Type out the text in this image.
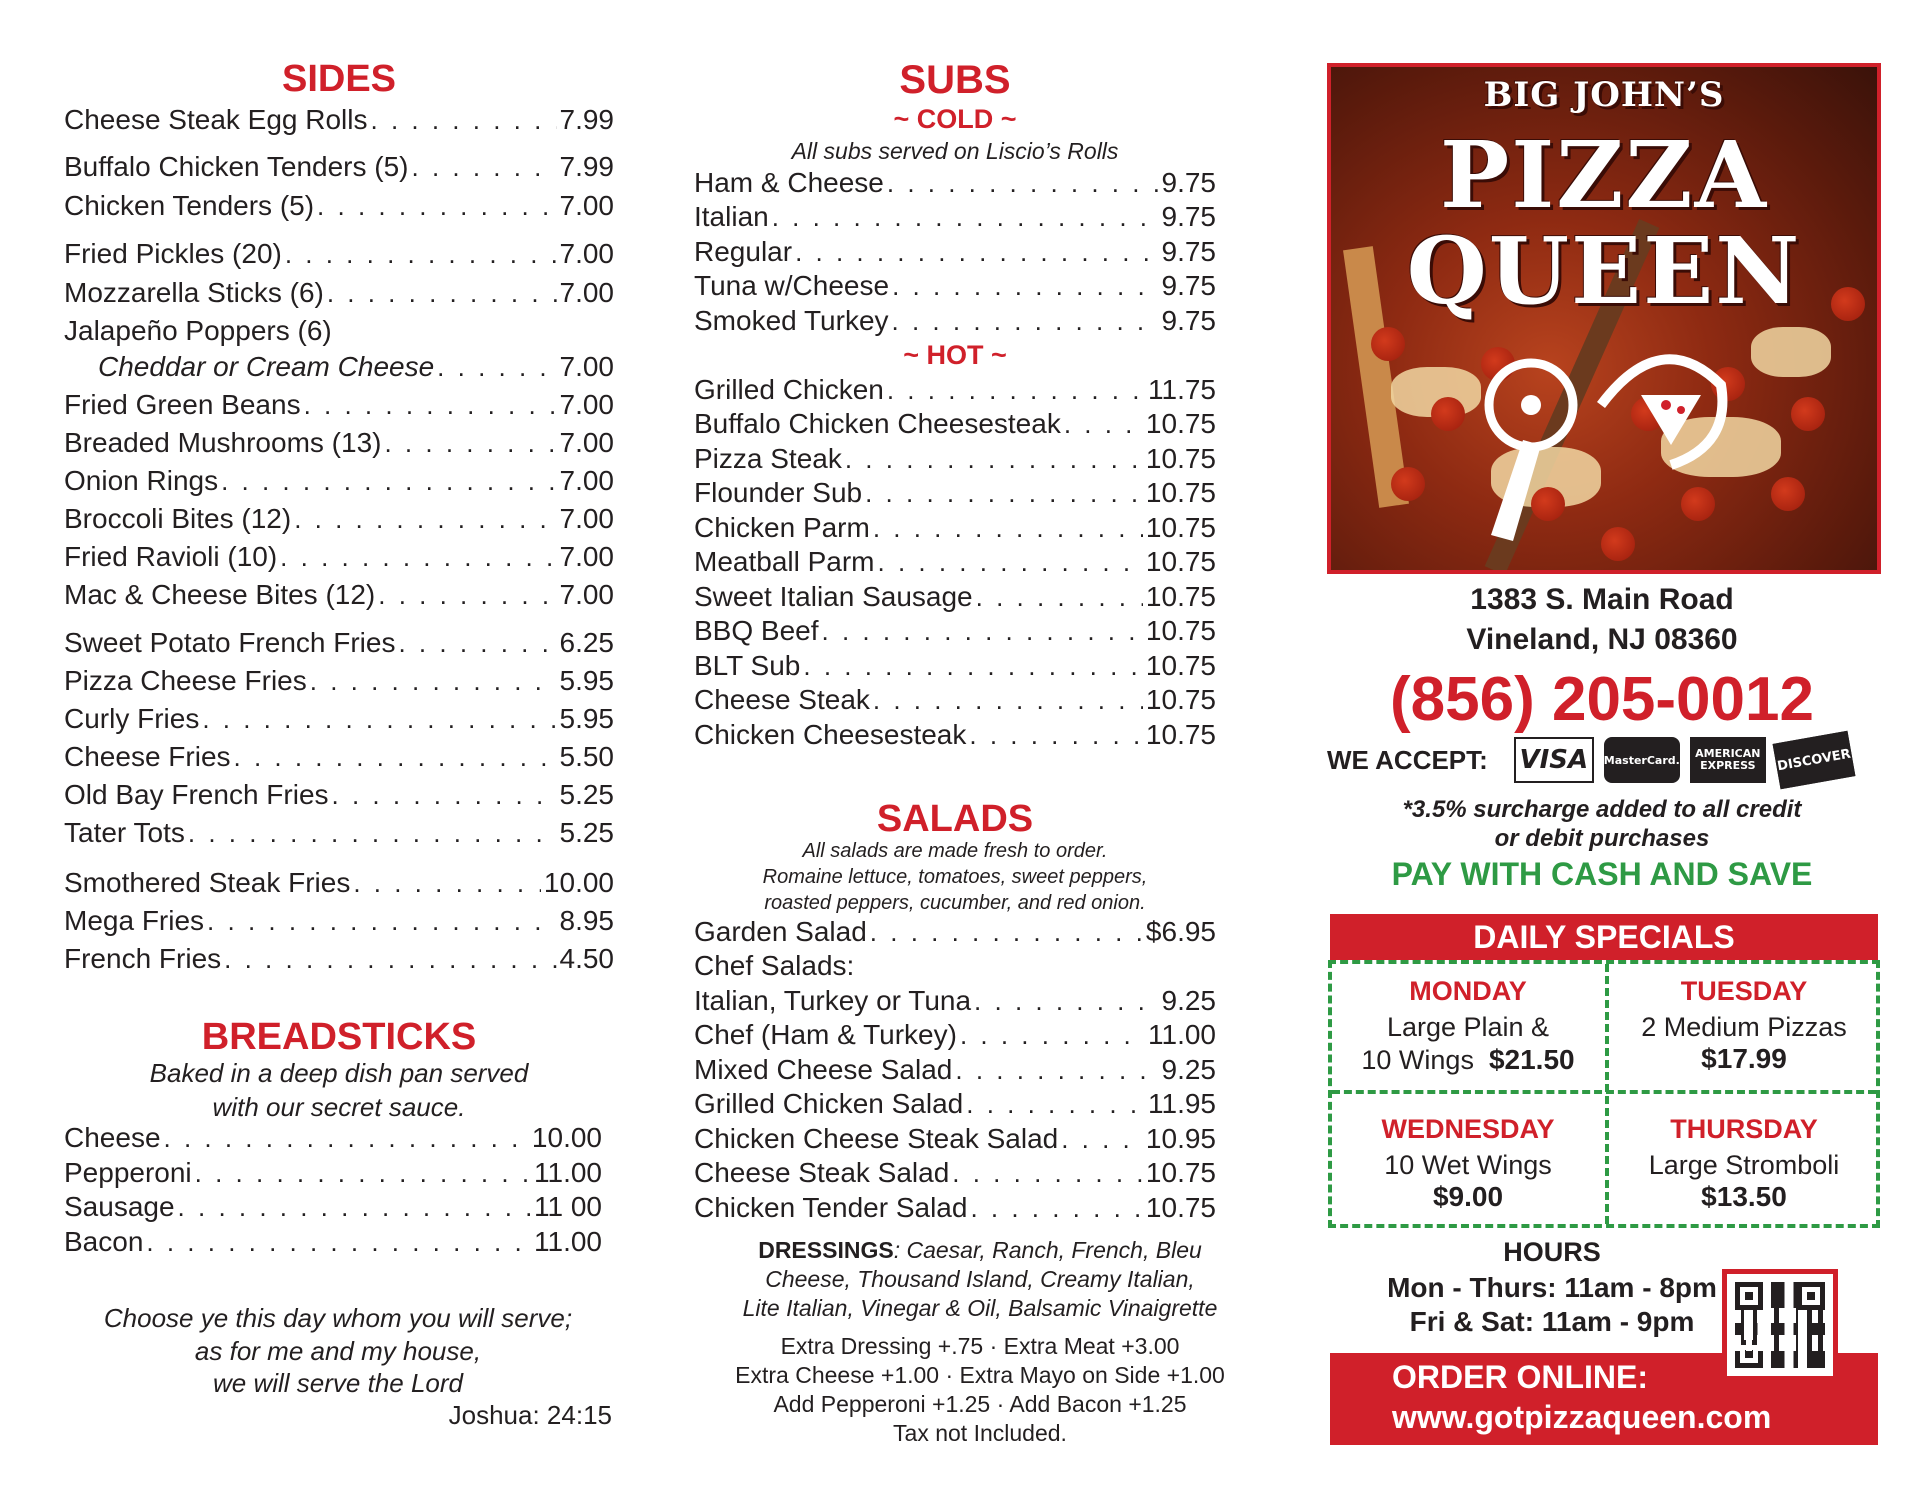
SIDES
Cheese Steak Egg Rolls . . .	7.99
Buffalo Chicken Tenders (5) . . .	7.99
Chicken Tenders (5) . . .	7.00
Fried Pickles (20) . . .	7.00
Mozzarella Sticks (6) . . .	7.00
Jalapeño Poppers (6)
Cheddar or Cream Cheese . . .	7.00
Fried Green Beans . . .	7.00
Breaded Mushrooms (13) . . .	7.00
Onion Rings . . .	7.00
Broccoli Bites (12) . . .	7.00
Fried Ravioli (10) . . .	7.00
Mac & Cheese Bites (12) . . .	7.00
Sweet Potato French Fries . . .	6.25
Pizza Cheese Fries . . .	5.95
Curly Fries . . .	5.95
Cheese Fries . . .	5.50
Old Bay French Fries . . .	5.25
Tater Tots . . .	5.25
Smothered Steak Fries . . .	10.00
Mega Fries . . .	8.95
French Fries . . .	4.50
BREADSTICKS
Baked in a deep dish pan served
with our secret sauce.
Cheese . . .	10.00
Pepperoni . . .	11.00
Sausage . . .	11 00
Bacon . . .	11.00
Choose ye this day whom you will serve;
as for me and my house,
we will serve the Lord
Joshua: 24:15
SUBS
~ COLD ~
All subs served on Liscio’s Rolls
Ham & Cheese . . .	9.75
Italian . . .	9.75
Regular . . .	9.75
Tuna w/Cheese . . .	9.75
Smoked Turkey . . .	9.75
~ HOT ~
Grilled Chicken . . .	11.75
Buffalo Chicken Cheesesteak . . .	10.75
Pizza Steak . . .	10.75
Flounder Sub . . .	10.75
Chicken Parm . . .	10.75
Meatball Parm . . .	10.75
Sweet Italian Sausage . . .	10.75
BBQ Beef . . .	10.75
BLT Sub . . .	10.75
Cheese Steak . . .	10.75
Chicken Cheesesteak . . .	10.75
SALADS
All salads are made fresh to order.
Romaine lettuce, tomatoes, sweet peppers,
roasted peppers, cucumber, and red onion.
Garden Salad . . .	$6.95
Chef Salads:
Italian, Turkey or Tuna . . .	9.25
Chef (Ham & Turkey) . . .	11.00
Mixed Cheese Salad . . .	9.25
Grilled Chicken Salad . . .	11.95
Chicken Cheese Steak Salad . . .	10.95
Cheese Steak Salad . . .	10.75
Chicken Tender Salad . . .	10.75
DRESSINGS: Caesar, Ranch, French, Bleu
Cheese, Thousand Island, Creamy Italian,
Lite Italian, Vinegar & Oil, Balsamic Vinaigrette
Extra Dressing +.75 · Extra Meat +3.00
Extra Cheese +1.00 · Extra Mayo on Side +1.00
Add Pepperoni +1.25 · Add Bacon +1.25
Tax not Included.
BIG JOHN’S
PIZZA
QUEEN
1383 S. Main Road
Vineland, NJ 08360
(856) 205-0012
WE ACCEPT: VISA	MasterCard.
AMERICAN
EXPRESS	DISCOVER
*3.5% surcharge added to all credit
or debit purchases
PAY WITH CASH AND SAVE
DAILY SPECIALS
MONDAY
Large Plain &
10 Wings $21.50
TUESDAY
2 Medium Pizzas
$17.99
WEDNESDAY
10 Wet Wings
$9.00
THURSDAY
Large Stromboli
$13.50
HOURS
Mon - Thurs: 11am - 8pm
Fri & Sat: 11am - 9pm
ORDER ONLINE:
www.gotpizzaqueen.com
